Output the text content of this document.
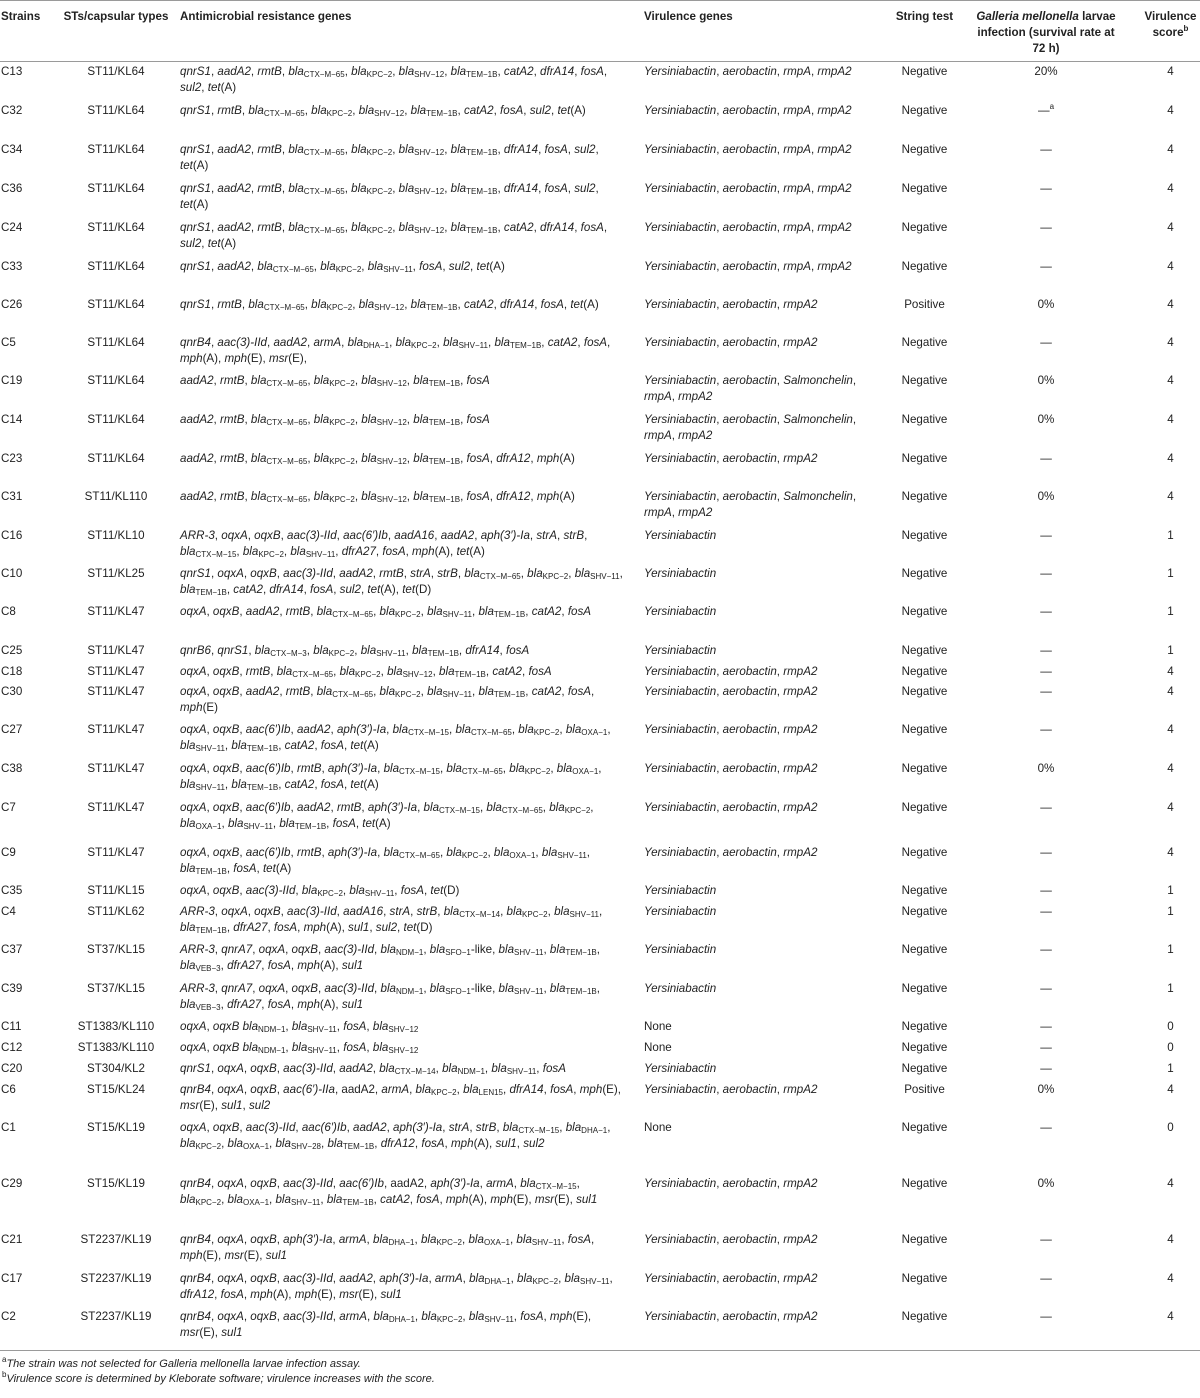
Strains	STs/capsular types	Antimicrobial resistance genes	Virulence genes	String test	Galleria mellonella larvae infection (survival rate at 72 h)	Virulence score$^b$
C13	ST11/KL64	qnrS1, aadA2, rmtB, bla$_{CTX-M-65}$, bla$_{KPC-2}$, bla$_{SHV-12}$, bla$_{TEM-1B}$, catA2, dfrA14, fosA, sul2, tet(A)	Yersiniabactin, aerobactin, rmpA, rmpA2	Negative	20%	4
C32	ST11/KL64	qnrS1, rmtB, bla$_{CTX-M-65}$, bla$_{KPC-2}$, bla$_{SHV-12}$, bla$_{TEM-1B}$, catA2, fosA, sul2, tet(A)	Yersiniabactin, aerobactin, rmpA, rmpA2	Negative	—$^a$	4
C34	ST11/KL64	qnrS1, aadA2, rmtB, bla$_{CTX-M-65}$, bla$_{KPC-2}$, bla$_{SHV-12}$, bla$_{TEM-1B}$, dfrA14, fosA, sul2, tet(A)	Yersiniabactin, aerobactin, rmpA, rmpA2	Negative	—	4
C36	ST11/KL64	qnrS1, aadA2, rmtB, bla$_{CTX-M-65}$, bla$_{KPC-2}$, bla$_{SHV-12}$, bla$_{TEM-1B}$, dfrA14, fosA, sul2, tet(A)	Yersiniabactin, aerobactin, rmpA, rmpA2	Negative	—	4
C24	ST11/KL64	qnrS1, aadA2, rmtB, bla$_{CTX-M-65}$, bla$_{KPC-2}$, bla$_{SHV-12}$, bla$_{TEM-1B}$, catA2, dfrA14, fosA, sul2, tet(A)	Yersiniabactin, aerobactin, rmpA, rmpA2	Negative	—	4
C33	ST11/KL64	qnrS1, aadA2, bla$_{CTX-M-65}$, bla$_{KPC-2}$, bla$_{SHV-11}$, fosA, sul2, tet(A)	Yersiniabactin, aerobactin, rmpA, rmpA2	Negative	—	4
C26	ST11/KL64	qnrS1, rmtB, bla$_{CTX-M-65}$, bla$_{KPC-2}$, bla$_{SHV-12}$, bla$_{TEM-1B}$, catA2, dfrA14, fosA, tet(A)	Yersiniabactin, aerobactin, rmpA2	Positive	0%	4
C5	ST11/KL64	qnrB4, aac(3)-IId, aadA2, armA, bla$_{DHA-1}$, bla$_{KPC-2}$, bla$_{SHV-11}$, bla$_{TEM-1B}$, catA2, fosA, mph(A), mph(E), msr(E),	Yersiniabactin, aerobactin, rmpA2	Negative	—	4
C19	ST11/KL64	aadA2, rmtB, bla$_{CTX-M-65}$, bla$_{KPC-2}$, bla$_{SHV-12}$, bla$_{TEM-1B}$, fosA	Yersiniabactin, aerobactin, Salmonchelin, rmpA, rmpA2	Negative	0%	4
C14	ST11/KL64	aadA2, rmtB, bla$_{CTX-M-65}$, bla$_{KPC-2}$, bla$_{SHV-12}$, bla$_{TEM-1B}$, fosA	Yersiniabactin, aerobactin, Salmonchelin, rmpA, rmpA2	Negative	0%	4
C23	ST11/KL64	aadA2, rmtB, bla$_{CTX-M-65}$, bla$_{KPC-2}$, bla$_{SHV-12}$, bla$_{TEM-1B}$, fosA, dfrA12, mph(A)	Yersiniabactin, aerobactin, rmpA2	Negative	—	4
C31	ST11/KL110	aadA2, rmtB, bla$_{CTX-M-65}$, bla$_{KPC-2}$, bla$_{SHV-12}$, bla$_{TEM-1B}$, fosA, dfrA12, mph(A)	Yersiniabactin, aerobactin, Salmonchelin, rmpA, rmpA2	Negative	0%	4
C16	ST11/KL10	ARR-3, oqxA, oqxB, aac(3)-IId, aac(6′)Ib, aadA16, aadA2, aph(3′)-Ia, strA, strB, bla$_{CTX-M-15}$, bla$_{KPC-2}$, bla$_{SHV-11}$, dfrA27, fosA, mph(A), tet(A)	Yersiniabactin	Negative	—	1
C10	ST11/KL25	qnrS1, oqxA, oqxB, aac(3)-IId, aadA2, rmtB, strA, strB, bla$_{CTX-M-65}$, bla$_{KPC-2}$, bla$_{SHV-11}$, bla$_{TEM-1B}$, catA2, dfrA14, fosA, sul2, tet(A), tet(D)	Yersiniabactin	Negative	—	1
C8	ST11/KL47	oqxA, oqxB, aadA2, rmtB, bla$_{CTX-M-65}$, bla$_{KPC-2}$, bla$_{SHV-11}$, bla$_{TEM-1B}$, catA2, fosA	Yersiniabactin	Negative	—	1
C25	ST11/KL47	qnrB6, qnrS1, bla$_{CTX-M-3}$, bla$_{KPC-2}$, bla$_{SHV-11}$, bla$_{TEM-1B}$, dfrA14, fosA	Yersiniabactin	Negative	—	1
C18	ST11/KL47	oqxA, oqxB, rmtB, bla$_{CTX-M-65}$, bla$_{KPC-2}$, bla$_{SHV-12}$, bla$_{TEM-1B}$, catA2, fosA	Yersiniabactin, aerobactin, rmpA2	Negative	—	4
C30	ST11/KL47	oqxA, oqxB, aadA2, rmtB, bla$_{CTX-M-65}$, bla$_{KPC-2}$, bla$_{SHV-11}$, bla$_{TEM-1B}$, catA2, fosA, mph(E)	Yersiniabactin, aerobactin, rmpA2	Negative	—	4
C27	ST11/KL47	oqxA, oqxB, aac(6′)Ib, aadA2, aph(3′)-Ia, bla$_{CTX-M-15}$, bla$_{CTX-M-65}$, bla$_{KPC-2}$, bla$_{OXA-1}$, bla$_{SHV-11}$, bla$_{TEM-1B}$, catA2, fosA, tet(A)	Yersiniabactin, aerobactin, rmpA2	Negative	—	4
C38	ST11/KL47	oqxA, oqxB, aac(6′)Ib, rmtB, aph(3′)-Ia, bla$_{CTX-M-15}$, bla$_{CTX-M-65}$, bla$_{KPC-2}$, bla$_{OXA-1}$, bla$_{SHV-11}$, bla$_{TEM-1B}$, catA2, fosA, tet(A)	Yersiniabactin, aerobactin, rmpA2	Negative	0%	4
C7	ST11/KL47	oqxA, oqxB, aac(6′)Ib, aadA2, rmtB, aph(3′)-Ia, bla$_{CTX-M-15}$, bla$_{CTX-M-65}$, bla$_{KPC-2}$, bla$_{OXA-1}$, bla$_{SHV-11}$, bla$_{TEM-1B}$, fosA, tet(A)	Yersiniabactin, aerobactin, rmpA2	Negative	—	4
C9	ST11/KL47	oqxA, oqxB, aac(6′)Ib, rmtB, aph(3′)-Ia, bla$_{CTX-M-65}$, bla$_{KPC-2}$, bla$_{OXA-1}$, bla$_{SHV-11}$, bla$_{TEM-1B}$, fosA, tet(A)	Yersiniabactin, aerobactin, rmpA2	Negative	—	4
C35	ST11/KL15	oqxA, oqxB, aac(3)-IId, bla$_{KPC-2}$, bla$_{SHV-11}$, fosA, tet(D)	Yersiniabactin	Negative	—	1
C4	ST11/KL62	ARR-3, oqxA, oqxB, aac(3)-IId, aadA16, strA, strB, bla$_{CTX-M-14}$, bla$_{KPC-2}$, bla$_{SHV-11}$, bla$_{TEM-1B}$, dfrA27, fosA, mph(A), sul1, sul2, tet(D)	Yersiniabactin	Negative	—	1
C37	ST37/KL15	ARR-3, qnrA7, oqxA, oqxB, aac(3)-IId, bla$_{NDM-1}$, bla$_{SFO-1}$-like, bla$_{SHV-11}$, bla$_{TEM-1B}$, bla$_{VEB-3}$, dfrA27, fosA, mph(A), sul1	Yersiniabactin	Negative	—	1
C39	ST37/KL15	ARR-3, qnrA7, oqxA, oqxB, aac(3)-IId, bla$_{NDM-1}$, bla$_{SFO-1}$-like, bla$_{SHV-11}$, bla$_{TEM-1B}$, bla$_{VEB-3}$, dfrA27, fosA, mph(A), sul1	Yersiniabactin	Negative	—	1
C11	ST1383/KL110	oqxA, oqxB bla$_{NDM-1}$, bla$_{SHV-11}$, fosA, bla$_{SHV-12}$	None	Negative	—	0
C12	ST1383/KL110	oqxA, oqxB bla$_{NDM-1}$, bla$_{SHV-11}$, fosA, bla$_{SHV-12}$	None	Negative	—	0
C20	ST304/KL2	qnrS1, oqxA, oqxB, aac(3)-IId, aadA2, bla$_{CTX-M-14}$, bla$_{NDM-1}$, bla$_{SHV-11}$, fosA	Yersiniabactin	Negative	—	1
C6	ST15/KL24	qnrB4, oqxA, oqxB, aac(6′)-IIa, aadA2, armA, bla$_{KPC-2}$, bla$_{LEN15}$, dfrA14, fosA, mph(E), msr(E), sul1, sul2	Yersiniabactin, aerobactin, rmpA2	Positive	0%	4
C1	ST15/KL19	oqxA, oqxB, aac(3)-IId, aac(6′)Ib, aadA2, aph(3′)-Ia, strA, strB, bla$_{CTX-M-15}$, bla$_{DHA-1}$, bla$_{KPC-2}$, bla$_{OXA-1}$, bla$_{SHV-28}$, bla$_{TEM-1B}$, dfrA12, fosA, mph(A), sul1, sul2	None	Negative	—	0
C29	ST15/KL19	qnrB4, oqxA, oqxB, aac(3)-IId, aac(6′)Ib, aadA2, aph(3′)-Ia, armA, bla$_{CTX-M-15}$, bla$_{KPC-2}$, bla$_{OXA-1}$, bla$_{SHV-11}$, bla$_{TEM-1B}$, catA2, fosA, mph(A), mph(E), msr(E), sul1	Yersiniabactin, aerobactin, rmpA2	Negative	0%	4
C21	ST2237/KL19	qnrB4, oqxA, oqxB, aph(3′)-Ia, armA, bla$_{DHA-1}$, bla$_{KPC-2}$, bla$_{OXA-1}$, bla$_{SHV-11}$, fosA, mph(E), msr(E), sul1	Yersiniabactin, aerobactin, rmpA2	Negative	—	4
C17	ST2237/KL19	qnrB4, oqxA, oqxB, aac(3)-IId, aadA2, aph(3′)-Ia, armA, bla$_{DHA-1}$, bla$_{KPC-2}$, bla$_{SHV-11}$, dfrA12, fosA, mph(A), mph(E), msr(E), sul1	Yersiniabactin, aerobactin, rmpA2	Negative	—	4
C2	ST2237/KL19	qnrB4, oqxA, oqxB, aac(3)-IId, armA, bla$_{DHA-1}$, bla$_{KPC-2}$, bla$_{SHV-11}$, fosA, mph(E), msr(E), sul1	Yersiniabactin, aerobactin, rmpA2	Negative	—	4
$^a$The strain was not selected for Galleria mellonella larvae infection assay.
$^b$Virulence score is determined by Kleborate software; virulence increases with the score.
